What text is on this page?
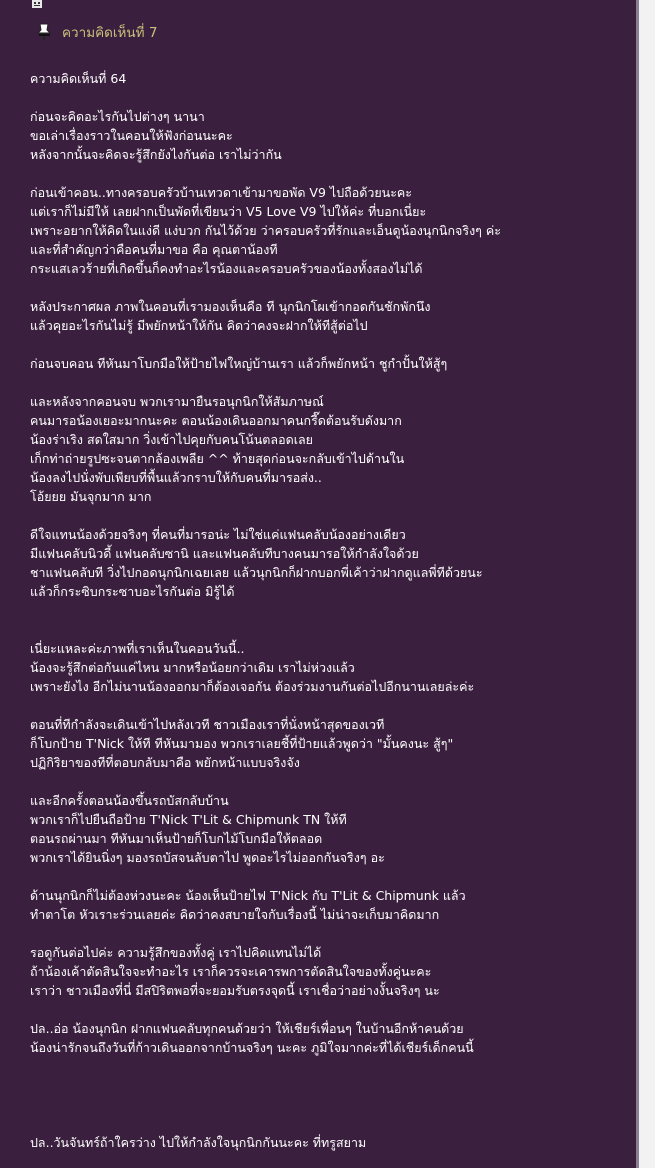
ความคิดเห็นที่ 7
ความคิดเห็นที่ 64
ก่อนจะคิดอะไรกันไปต่างๆ นานา
ขอเล่าเรื่องราวในคอนให้ฟังก่อนนะคะ
หลังจากนั้นจะคิดจะรู้สึกยังไงกันต่อ เราไม่ว่ากัน
ก่อนเข้าคอน..ทางครอบครัวบ้านเทวดาเข้ามาขอพัด V9 ไปถือด้วยนะคะ
แต่เราก็ไม่มีให้ เลยฝากเป็นพัดที่เขียนว่า V5 Love V9 ไปให้ค่ะ ที่บอกเนี่ยะ
เพราะอยากให้คิดในแง่ดี แง่บวก กันไว้ด้วย ว่าครอบครัวที่รักและเอ็นดูน้องนุกนิกจริงๆ ค่ะ
และที่สำคัญกว่าคือคนที่มาขอ คือ คุณตาน้องที
กระแสเลวร้ายที่เกิดขึ้นก็คงทำอะไรน้องและครอบครัวของน้องทั้งสองไม่ได้
หลังประกาศผล ภาพในคอนที่เรามองเห็นคือ ที นุกนิกโผเข้ากอดกันชักพักนึง
แล้วคุยอะไรกันไม่รู้ มีพยักหน้าให้กัน คิดว่าคงจะฝากให้ทีสู้ต่อไป
ก่อนจบคอน ทีหันมาโบกมือให้ป้ายไฟใหญ่บ้านเรา แล้วก็พยักหน้า ชูกำปั้นให้สู้ๆ
และหลังจากคอนจบ พวกเรามายืนรอนุกนิกให้สัมภาษณ์
คนมารอน้องเยอะมากนะคะ ตอนน้องเดินออกมาคนกรี๊ดต้อนรับดังมาก
น้องร่าเริง สดใสมาก วิ่งเข้าไปคุยกับคนโน้นตลอดเลย
เก็กท่าถ่ายรูปซะจนตากล้องเพลีย ^^ ท้ายสุดก่อนจะกลับเข้าไปด้านใน
น้องลงไปนั่งพับเพียบที่พื้นแล้วกราบให้กับคนที่มารอส่ง..
โอ้ยยย มันจุกมาก มาก
ดีใจแทนน้องด้วยจริงๆ ที่คนที่มารอน่ะ ไม่ใช่แค่แฟนคลับน้องอย่างเดียว
มีแฟนคลับนิวดี้ แฟนคลับซานิ และแฟนคลับทีบางคนมารอให้กำลังใจด้วย
ชาแฟนคลับที วิ่งไปกอดนุกนิกเฉยเลย แล้วนุกนิกก็ฝากบอกพี่เค้าว่าฝากดูแลพี่ทีด้วยนะ
แล้วก็กระซิบกระซาบอะไรกันต่อ มิรู้ได้
เนี่ยะแหละค่ะภาพที่เราเห็นในคอนวันนี้..
น้องจะรู้สึกต่อกันแค่ไหน มากหรือน้อยกว่าเดิม เราไม่ห่วงแล้ว
เพราะยังไง อีกไม่นานน้องออกมาก็ต้องเจอกัน ต้องร่วมงานกันต่อไปอีกนานเลยล่ะค่ะ
ตอนที่ทีกำลังจะเดินเข้าไปหลังเวที ชาวเมืองเราที่นั่งหน้าสุดของเวที
ก็โบกป้าย T'Nick ให้ที ทีหันมามอง พวกเราเลยชี้ที่ป้ายแล้วพูดว่า "มั้นคงนะ สู้ๆ"
ปฏิกิริยาของทีที่ตอบกลับมาคือ พยักหน้าแบบจริงจัง
และอีกครั้งตอนน้องขึ้นรถบัสกลับบ้าน
พวกเราก็ไปยืนถือป้าย T'Nick T'Lit & Chipmunk TN ให้ที
ตอนรถผ่านมา ทีหันมาเห็นป้ายก็โบกไม้โบกมือให้ตลอด
พวกเราได้ยินนิ่งๆ มองรถบัสจนลับตาไป พูดอะไรไม่ออกกันจริงๆ อะ
ด้านนุกนิกก็ไม่ต้องห่วงนะคะ น้องเห็นป้ายไฟ T'Nick กับ T'Lit & Chipmunk แล้ว
ทำตาโต หัวเราะร่วนเลยค่ะ คิดว่าคงสบายใจกับเรื่องนี้ ไม่น่าจะเก็บมาคิดมาก
รอดูกันต่อไปค่ะ ความรู้สึกของทั้งคู่ เราไปคิดแทนไม่ได้
ถ้าน้องเค้าตัดสินใจจะทำอะไร เราก็ควรจะเคารพการตัดสินใจของทั้งคู่นะคะ
เราว่า ชาวเมืองที่นี่ มีสปิริตพอที่จะยอมรับตรงจุดนี้ เราเชื่อว่าอย่างงั้นจริงๆ นะ
ปล..อ่อ น้องนุกนิก ฝากแฟนคลับทุกคนด้วยว่า ให้เชียร์เพื่อนๆ ในบ้านอีกห้าคนด้วย
น้องน่ารักจนถึงวันที่ก้าวเดินออกจากบ้านจริงๆ นะคะ ภูมิใจมากค่ะที่ได้เชียร์เด็กคนนี้
ปล..วันจันทร์ถ้าใครว่าง ไปให้กำลังใจนุกนิกกันนะคะ ที่ทรูสยาม
